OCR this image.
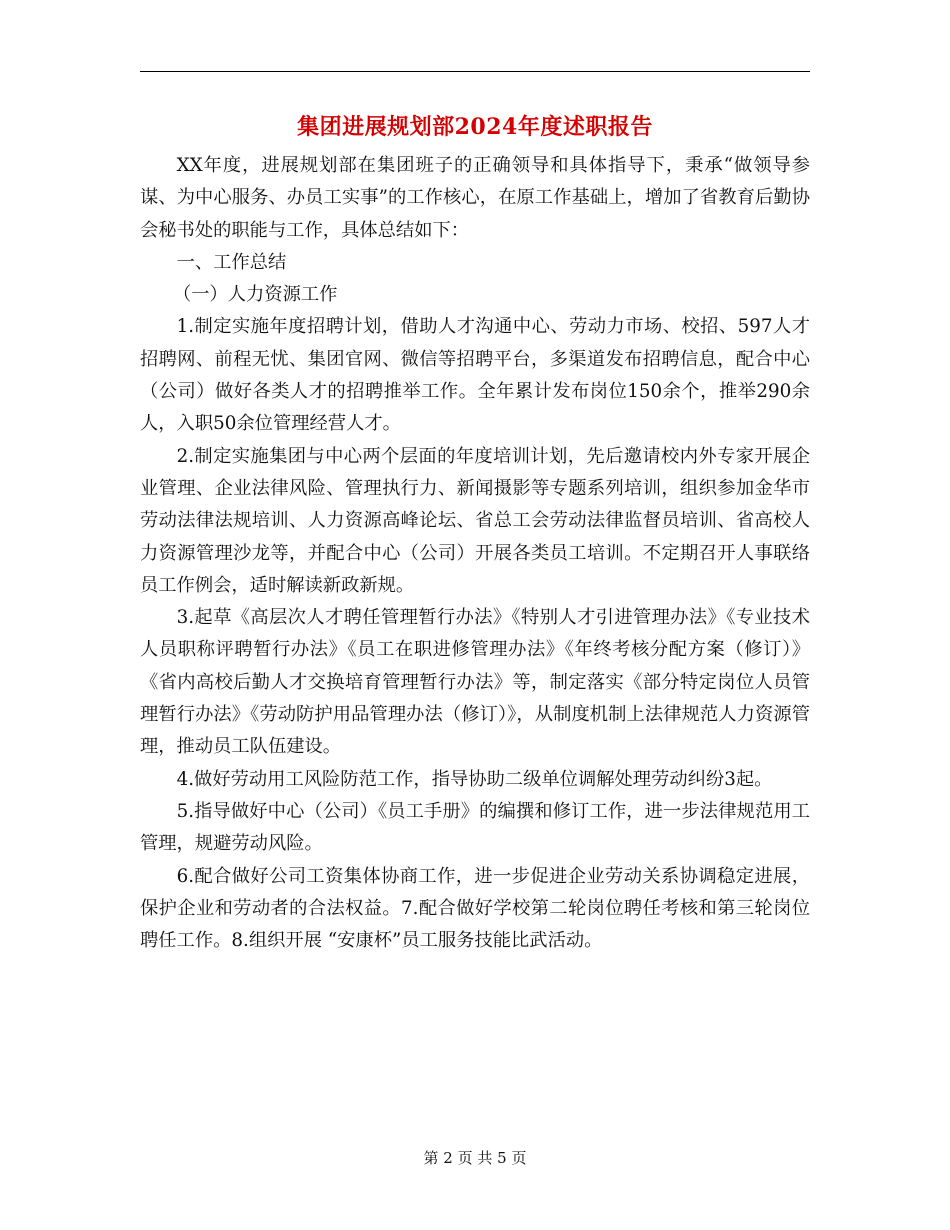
集团进展规划部2024年度述职报告

XX年度，进展规划部在集团班子的正确领导和具体指导下，秉承“做领导参谋、为中心服务、办员工实事”的工作核心，在原工作基础上，增加了省教育后勤协会秘书处的职能与工作，具体总结如下：

一、工作总结

（一）人力资源工作

1.制定实施年度招聘计划，借助人才沟通中心、劳动力市场、校招、597人才招聘网、前程无忧、集团官网、微信等招聘平台，多渠道发布招聘信息，配合中心（公司）做好各类人才的招聘推举工作。全年累计发布岗位150余个，推举290余人，入职50余位管理经营人才。

2.制定实施集团与中心两个层面的年度培训计划，先后邀请校内外专家开展企业管理、企业法律风险、管理执行力、新闻摄影等专题系列培训，组织参加金华市劳动法律法规培训、人力资源高峰论坛、省总工会劳动法律监督员培训、省高校人力资源管理沙龙等，并配合中心（公司）开展各类员工培训。不定期召开人事联络员工作例会，适时解读新政新规。

3.起草《高层次人才聘任管理暂行办法》《特别人才引进管理办法》《专业技术人员职称评聘暂行办法》《员工在职进修管理办法》《年终考核分配方案（修订）》《省内高校后勤人才交换培育管理暂行办法》等，制定落实《部分特定岗位人员管理暂行办法》《劳动防护用品管理办法（修订）》，从制度机制上法律规范人力资源管理，推动员工队伍建设。

4.做好劳动用工风险防范工作，指导协助二级单位调解处理劳动纠纷3起。

5.指导做好中心（公司）《员工手册》的编撰和修订工作，进一步法律规范用工管理，规避劳动风险。

6.配合做好公司工资集体协商工作，进一步促进企业劳动关系协调稳定进展，保护企业和劳动者的合法权益。7.配合做好学校第二轮岗位聘任考核和第三轮岗位聘任工作。8.组织开展 “安康杯”员工服务技能比武活动。

第 2 页 共 5 页
